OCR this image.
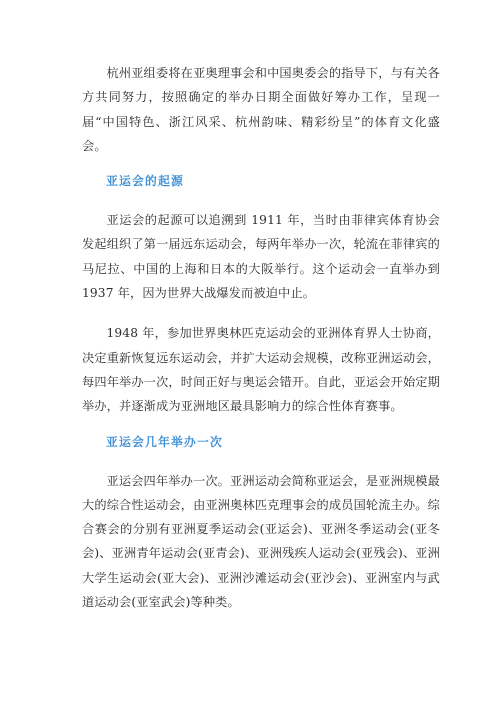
杭州亚组委将在亚奥理事会和中国奥委会的指导下，与有关各方共同努力，按照确定的举办日期全面做好筹办工作，呈现一届“中国特色、浙江风采、杭州韵味、精彩纷呈”的体育文化盛会。

亚运会的起源

亚运会的起源可以追溯到 1911 年，当时由菲律宾体育协会发起组织了第一届远东运动会，每两年举办一次，轮流在菲律宾的马尼拉、中国的上海和日本的大阪举行。这个运动会一直举办到 1937 年，因为世界大战爆发而被迫中止。

1948 年，参加世界奥林匹克运动会的亚洲体育界人士协商，决定重新恢复远东运动会，并扩大运动会规模，改称亚洲运动会，每四年举办一次，时间正好与奥运会错开。自此，亚运会开始定期举办，并逐渐成为亚洲地区最具影响力的综合性体育赛事。

亚运会几年举办一次

亚运会四年举办一次。亚洲运动会简称亚运会，是亚洲规模最大的综合性运动会，由亚洲奥林匹克理事会的成员国轮流主办。综合赛会的分别有亚洲夏季运动会(亚运会)、亚洲冬季运动会(亚冬会)、亚洲青年运动会(亚青会)、亚洲残疾人运动会(亚残会)、亚洲大学生运动会(亚大会)、亚洲沙滩运动会(亚沙会)、亚洲室内与武道运动会(亚室武会)等种类。
